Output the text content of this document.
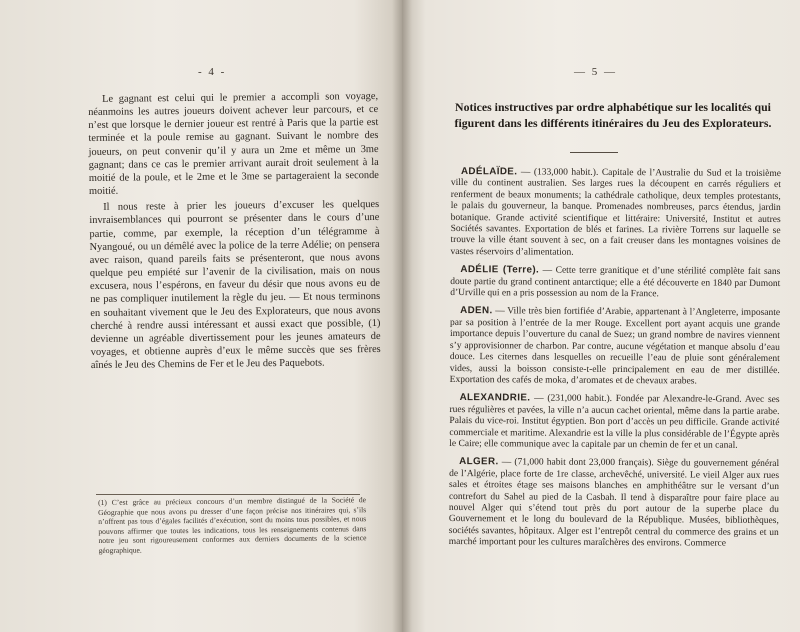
- 4 -

Le gagnant est celui qui le premier a accompli son voyage, néanmoins les autres joueurs doivent achever leur parcours, et ce n’est que lorsque le dernier joueur est rentré à Paris que la partie est terminée et la poule remise au gagnant. Suivant le nombre des joueurs, on peut convenir qu’il y aura un 2me et même un 3me gagnant; dans ce cas le premier arrivant aurait droit seulement à la moitié de la poule, et le 2me et le 3me se partageraient la seconde moitié.

Il nous reste à prier les joueurs d’excuser les quelques invraisemblances qui pourront se présenter dans le cours d’une partie, comme, par exemple, la réception d’un télégramme à Nyangoué, ou un démêlé avec la police de la terre Adélie; on pensera avec raison, quand pareils faits se présenteront, que nous avons quelque peu empiété sur l’avenir de la civilisation, mais on nous excusera, nous l’espérons, en faveur du désir que nous avons eu de ne pas compliquer inutilement la règle du jeu. — Et nous terminons en souhaitant vivement que le Jeu des Explorateurs, que nous avons cherché à rendre aussi intéressant et aussi exact que possible, (1) devienne un agréable divertissement pour les jeunes amateurs de voyages, et obtienne auprès d’eux le même succès que ses frères aînés le Jeu des Chemins de Fer et le Jeu des Paquebots.

(1) C’est grâce au précieux concours d’un membre distingué de la Société de Géographie que nous avons pu dresser d’une façon précise nos itinéraires qui, s’ils n’offrent pas tous d’égales facilités d’exécution, sont du moins tous possibles, et nous pouvons affirmer que toutes les indications, tous les renseignements contenus dans notre jeu sont rigoureusement conformes aux derniers documents de la science géographique.
— 5 —
Notices instructives par ordre alphabétique sur les localités qui figurent dans les différents itinéraires du Jeu des Explorateurs.

ADÉLAÏDE. — (133,000 habit.). Capitale de l’Australie du Sud et la troisième ville du continent australien. Ses larges rues la découpent en carrés réguliers et renferment de beaux monuments; la cathédrale catholique, deux temples protestants, le palais du gouverneur, la banque. Promenades nombreuses, parcs étendus, jardin botanique. Grande activité scientifique et littéraire: Université, Institut et autres Sociétés savantes. Exportation de blés et farines. La rivière Torrens sur laquelle se trouve la ville étant souvent à sec, on a fait creuser dans les montagnes voisines de vastes réservoirs d’alimentation.

ADÉLIE (Terre). — Cette terre granitique et d’une stérilité complète fait sans doute partie du grand continent antarctique; elle a été découverte en 1840 par Dumont d’Urville qui en a pris possession au nom de la France.

ADEN. — Ville très bien fortifiée d’Arabie, appartenant à l’Angleterre, imposante par sa position à l’entrée de la mer Rouge. Excellent port ayant acquis une grande importance depuis l’ouverture du canal de Suez; un grand nombre de navires viennent s’y approvisionner de charbon. Par contre, aucune végétation et manque absolu d’eau douce. Les citernes dans lesquelles on recueille l’eau de pluie sont généralement vides, aussi la boisson consiste-t-elle principalement en eau de mer distillée. Exportation des cafés de moka, d’aromates et de chevaux arabes.

ALEXANDRIE. — (231,000 habit.). Fondée par Alexandre-le-Grand. Avec ses rues régulières et pavées, la ville n’a aucun cachet oriental, même dans la partie arabe. Palais du vice-roi. Institut égyptien. Bon port d’accès un peu difficile. Grande activité commerciale et maritime. Alexandrie est la ville la plus considérable de l’Égypte après le Caire; elle communique avec la capitale par un chemin de fer et un canal.

ALGER. — (71,000 habit dont 23,000 français). Siège du gouvernement général de l’Algérie, place forte de 1re classe, archevêché, université. Le vieil Alger aux rues sales et étroites étage ses maisons blanches en amphithéâtre sur le versant d’un contrefort du Sahel au pied de la Casbah. Il tend à disparaître pour faire place au nouvel Alger qui s’étend tout près du port autour de la superbe place du Gouvernement et le long du boulevard de la République. Musées, bibliothèques, sociétés savantes, hôpitaux. Alger est l’entrepôt central du commerce des grains et un marché important pour les cultures maraîchères des environs. Commerce
